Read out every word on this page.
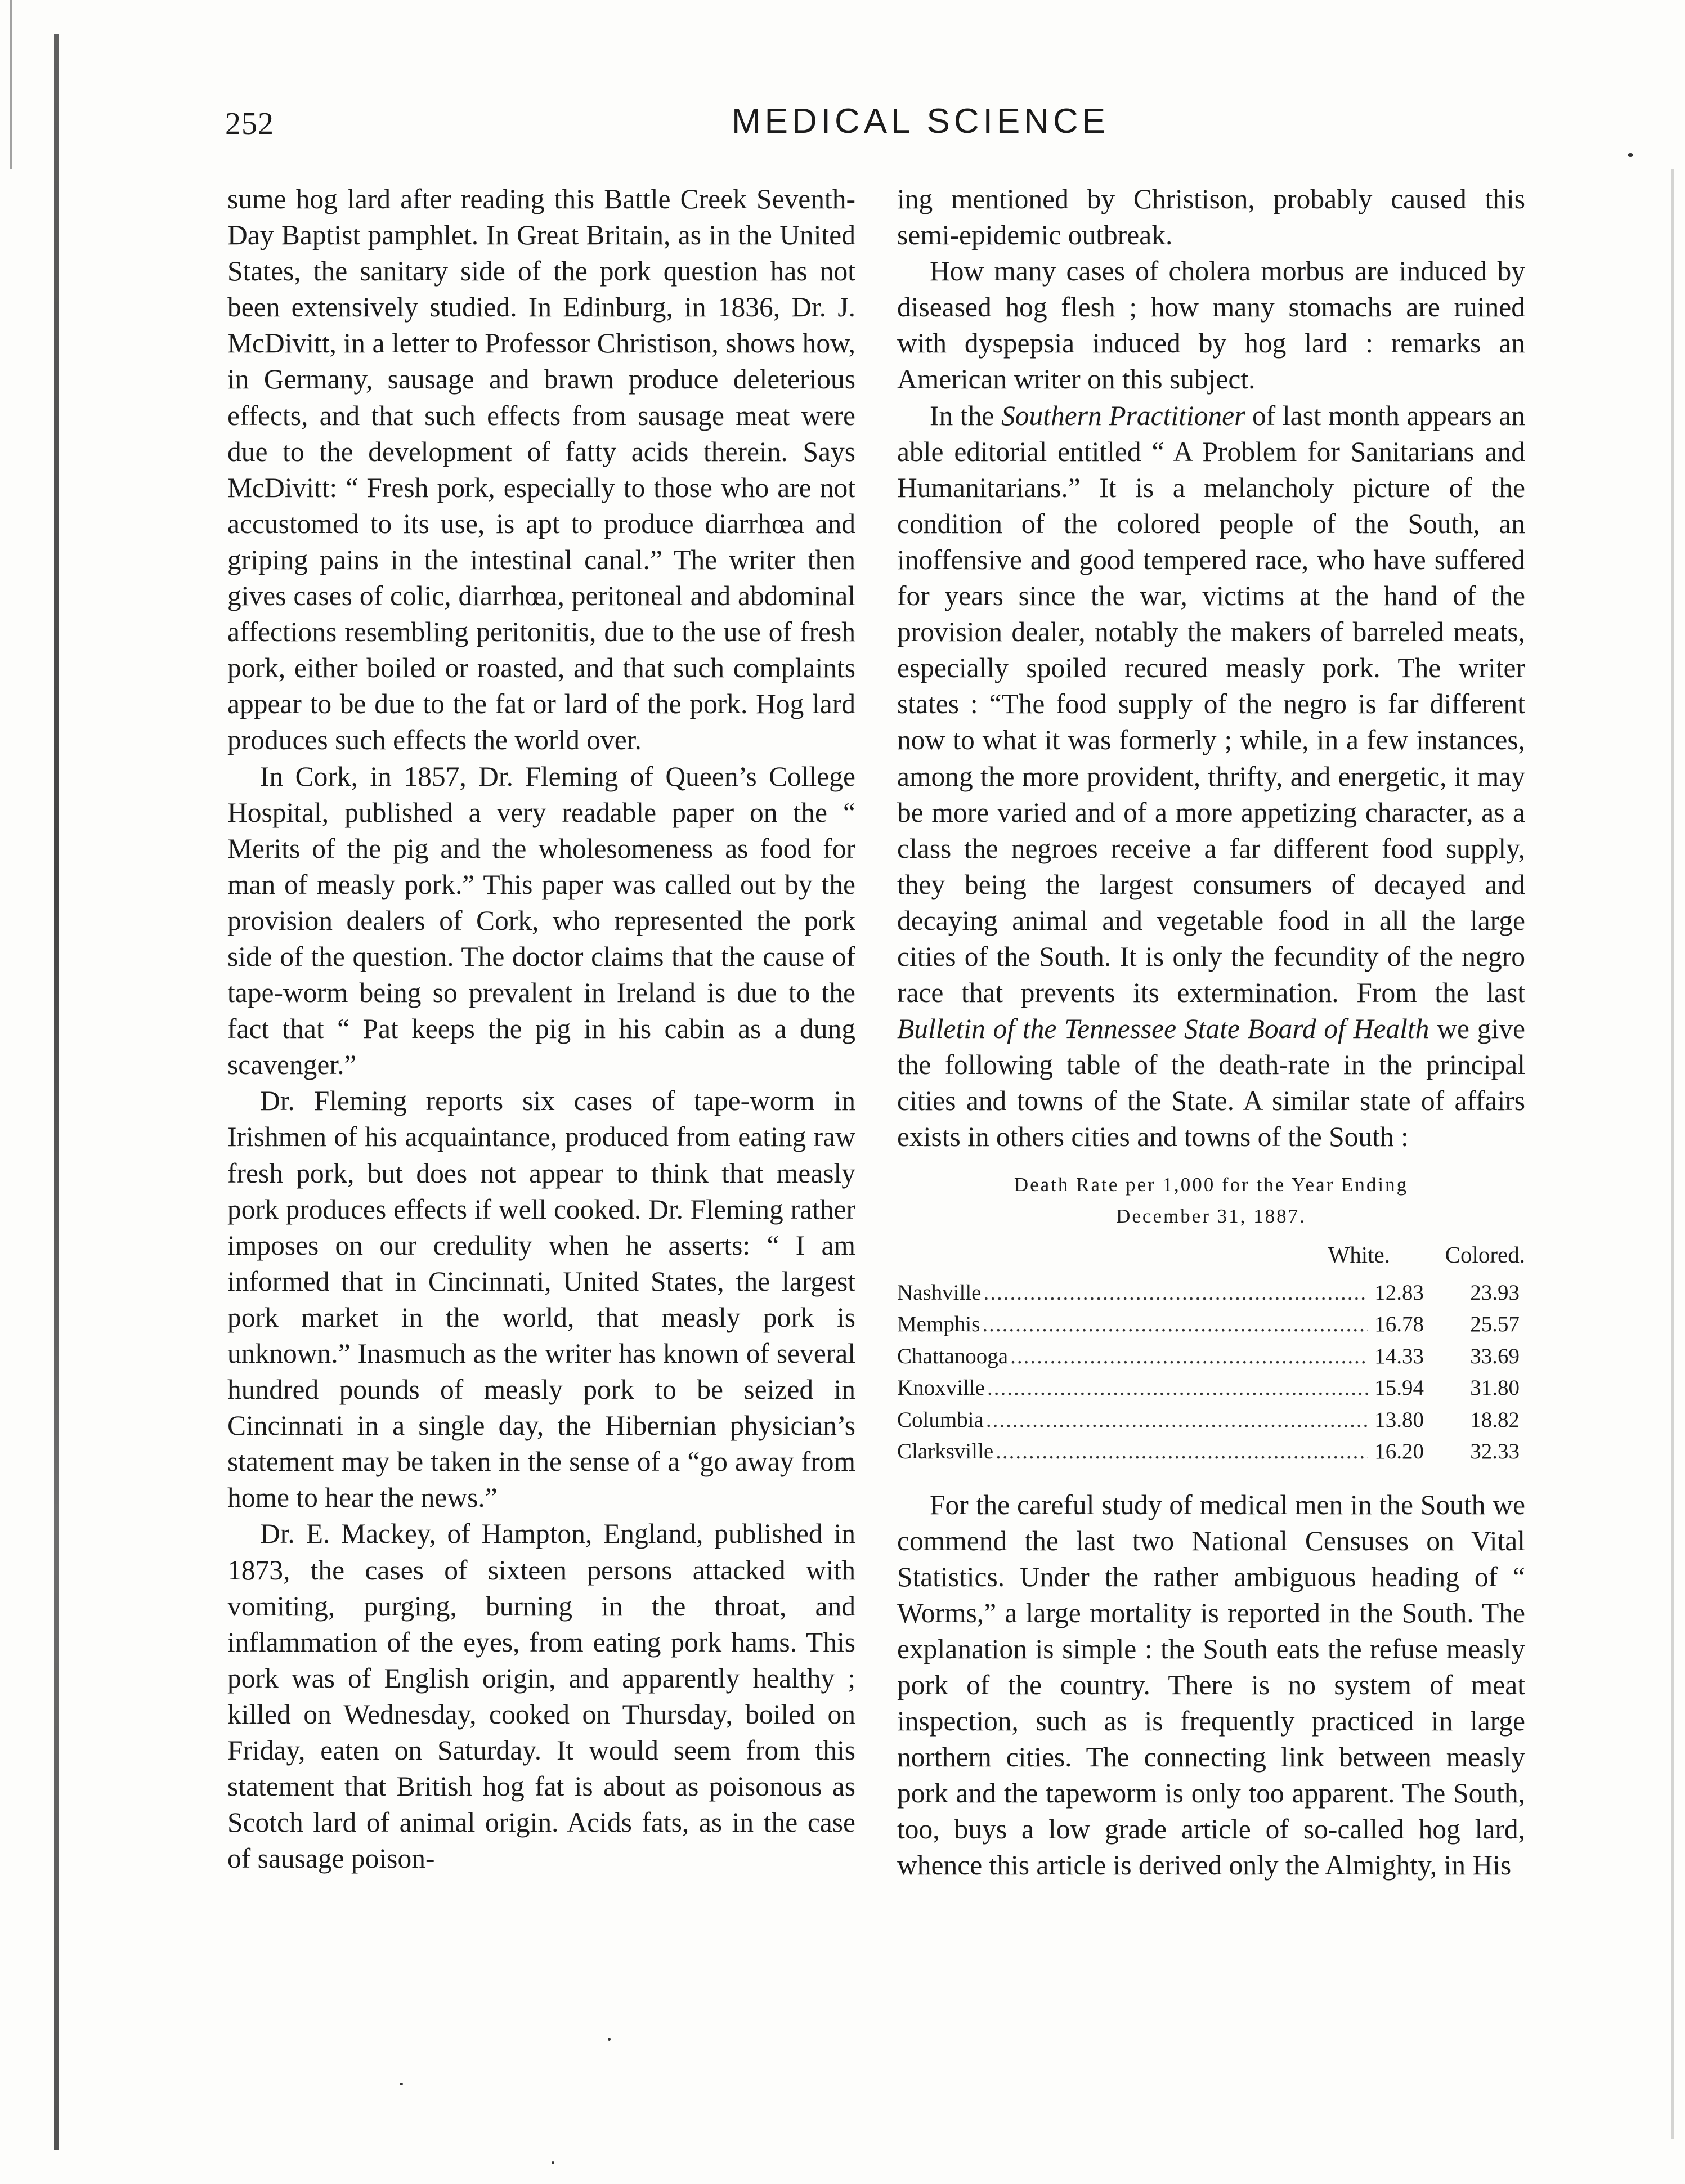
252	MEDICAL SCIENCE

sume hog lard after reading this Battle Creek Seventh-Day Baptist pamphlet. In Great Britain, as in the United States, the sanitary side of the pork question has not been extensively studied. In Edinburg, in 1836, Dr. J. McDivitt, in a letter to Professor Christison, shows how, in Germany, sausage and brawn produce deleterious effects, and that such effects from sausage meat were due to the development of fatty acids therein. Says McDivitt: “ Fresh pork, especially to those who are not accustomed to its use, is apt to produce diarrhœa and griping pains in the intestinal canal.” The writer then gives cases of colic, diarrhœa, peritoneal and abdominal affections resembling peritonitis, due to the use of fresh pork, either boiled or roasted, and that such complaints appear to be due to the fat or lard of the pork. Hog lard produces such effects the world over.

In Cork, in 1857, Dr. Fleming of Queen’s College Hospital, published a very readable paper on the “ Merits of the pig and the wholesomeness as food for man of measly pork.” This paper was called out by the provision dealers of Cork, who represented the pork side of the question. The doctor claims that the cause of tape-worm being so prevalent in Ireland is due to the fact that “ Pat keeps the pig in his cabin as a dung scavenger.”

Dr. Fleming reports six cases of tape-worm in Irishmen of his acquaintance, produced from eating raw fresh pork, but does not appear to think that measly pork produces effects if well cooked. Dr. Fleming rather imposes on our credulity when he asserts: “ I am informed that in Cincinnati, United States, the largest pork market in the world, that measly pork is unknown.” Inasmuch as the writer has known of several hundred pounds of measly pork to be seized in Cincinnati in a single day, the Hibernian physician’s statement may be taken in the sense of a “go away from home to hear the news.”

Dr. E. Mackey, of Hampton, England, published in 1873, the cases of sixteen persons attacked with vomiting, purging, burning in the throat, and inflammation of the eyes, from eating pork hams. This pork was of English origin, and apparently healthy ; killed on Wednesday, cooked on Thursday, boiled on Friday, eaten on Saturday. It would seem from this statement that British hog fat is about as poisonous as Scotch lard of animal origin. Acids fats, as in the case of sausage poison-

ing mentioned by Christison, probably caused this semi-epidemic outbreak.

How many cases of cholera morbus are induced by diseased hog flesh ; how many stomachs are ruined with dyspepsia induced by hog lard : remarks an American writer on this subject.

In the Southern Practitioner of last month appears an able editorial entitled “ A Problem for Sanitarians and Humanitarians.” It is a melancholy picture of the condition of the colored people of the South, an inoffensive and good tempered race, who have suffered for years since the war, victims at the hand of the provision dealer, notably the makers of barreled meats, especially spoiled recured measly pork. The writer states : “The food supply of the negro is far different now to what it was formerly ; while, in a few instances, among the more provident, thrifty, and energetic, it may be more varied and of a more appetizing character, as a class the negroes receive a far different food supply, they being the largest consumers of decayed and decaying animal and vegetable food in all the large cities of the South. It is only the fecundity of the negro race that prevents its extermination. From the last Bulletin of the Tennessee State Board of Health we give the following table of the death-rate in the principal cities and towns of the State. A similar state of affairs exists in others cities and towns of the South :

Death Rate per 1,000 for the Year Ending
December 31, 1887.
White.	Colored.
Nashville .....	12.83	23.93
Memphis .....	16.78	25.57
Chattanooga .....	14.33	33.69
Knoxville .....	15.94	31.80
Columbia .....	13.80	18.82
Clarksville .....	16.20	32.33

For the careful study of medical men in the South we commend the last two National Censuses on Vital Statistics. Under the rather ambiguous heading of “ Worms,” a large mortality is reported in the South. The explanation is simple : the South eats the refuse measly pork of the country. There is no system of meat inspection, such as is frequently practiced in large northern cities. The connecting link between measly pork and the tapeworm is only too apparent. The South, too, buys a low grade article of so-called hog lard, whence this article is derived only the Almighty, in His
